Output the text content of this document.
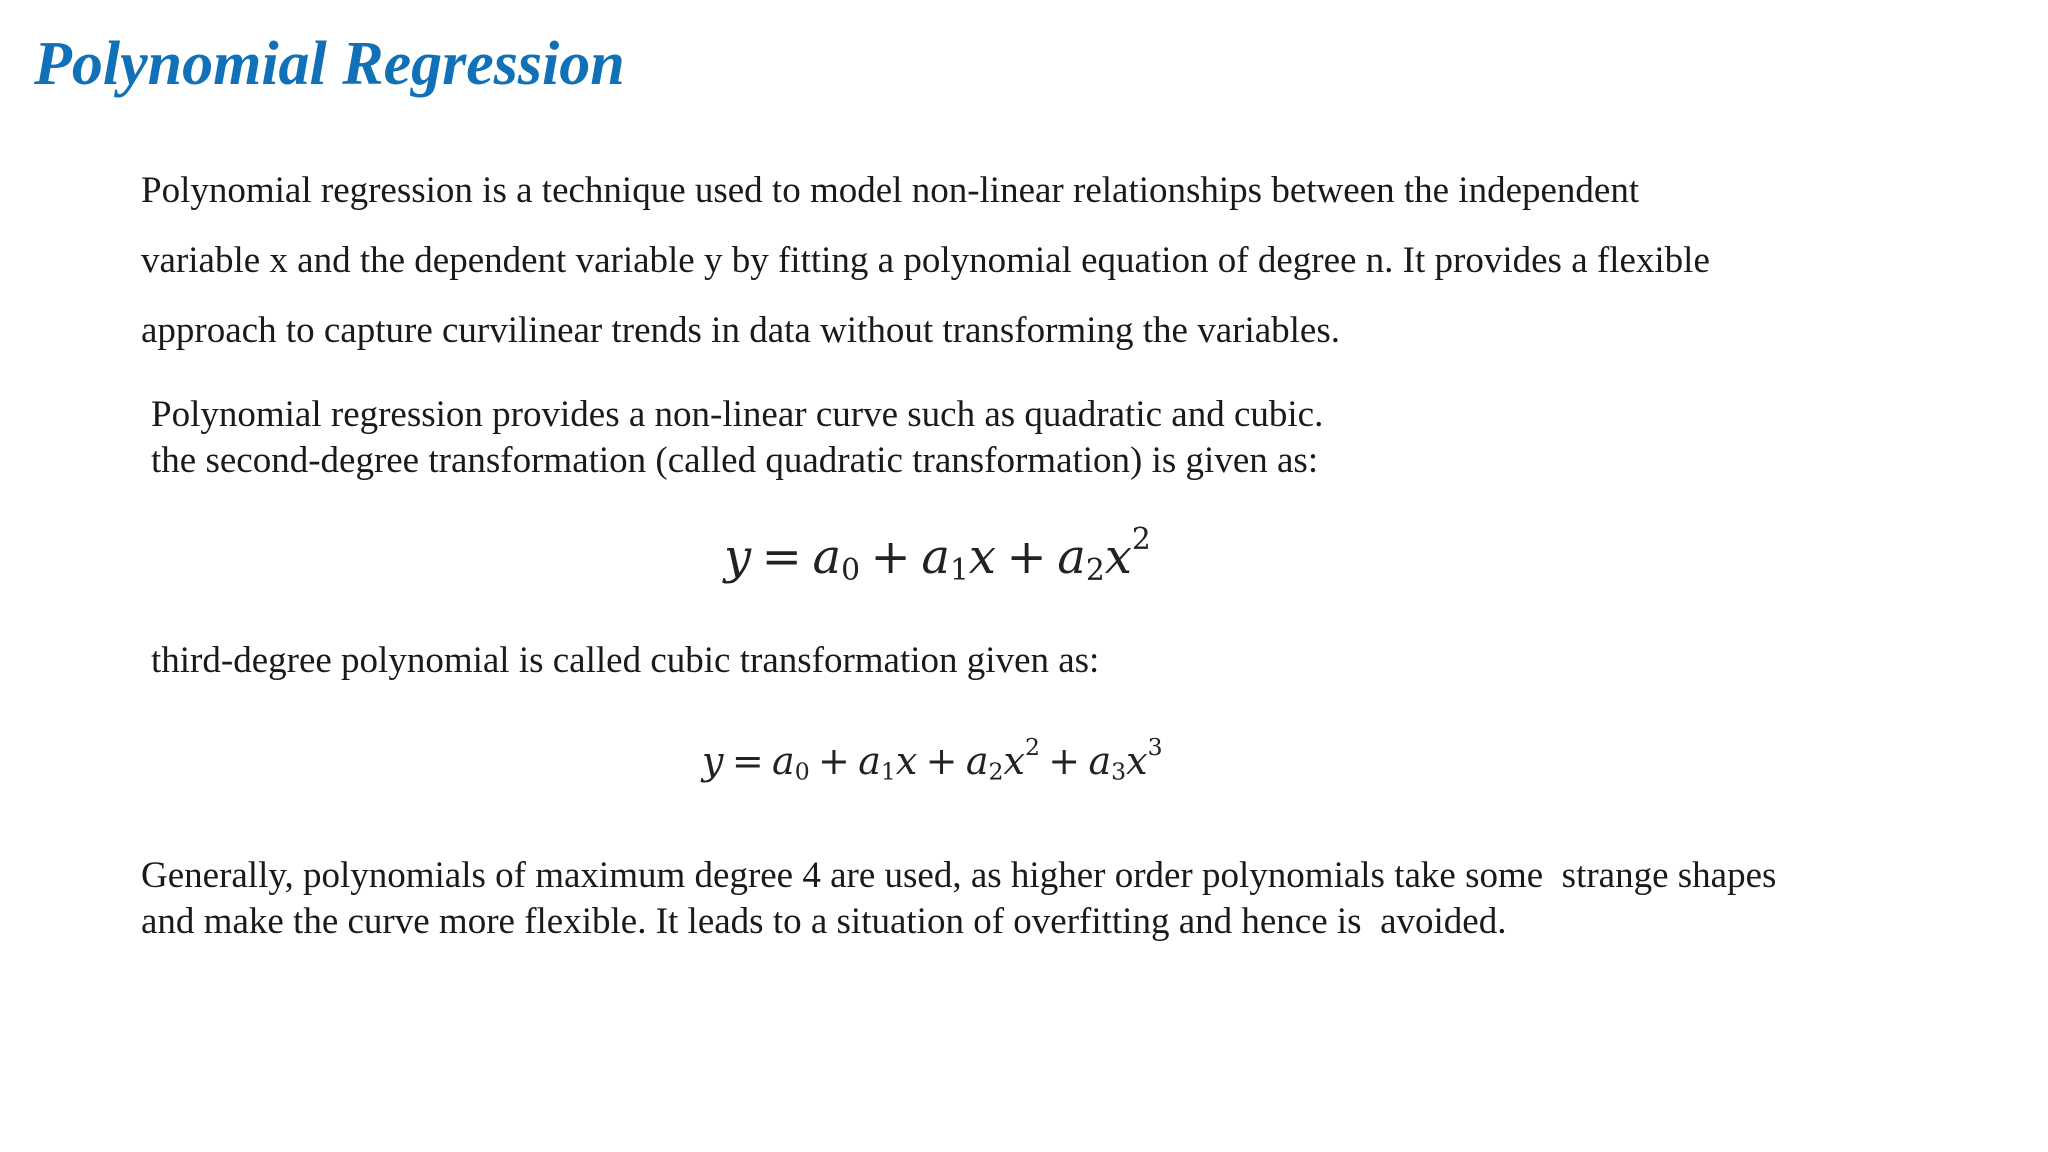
Polynomial Regression

Polynomial regression is a technique used to model non-linear relationships between the independent
variable x and the dependent variable y by fitting a polynomial equation of degree n. It provides a flexible
approach to capture curvilinear trends in data without transforming the variables.

Polynomial regression provides a non-linear curve such as quadratic and cubic.
the second-degree transformation (called quadratic transformation) is given as:

$y = a_0 + a_1x + a_2x^2$

third-degree polynomial is called cubic transformation given as:

$y = a_0 + a_1x + a_2x^2 + a_3x^3$

Generally, polynomials of maximum degree 4 are used, as higher order polynomials take some  strange shapes
and make the curve more flexible. It leads to a situation of overfitting and hence is  avoided.
